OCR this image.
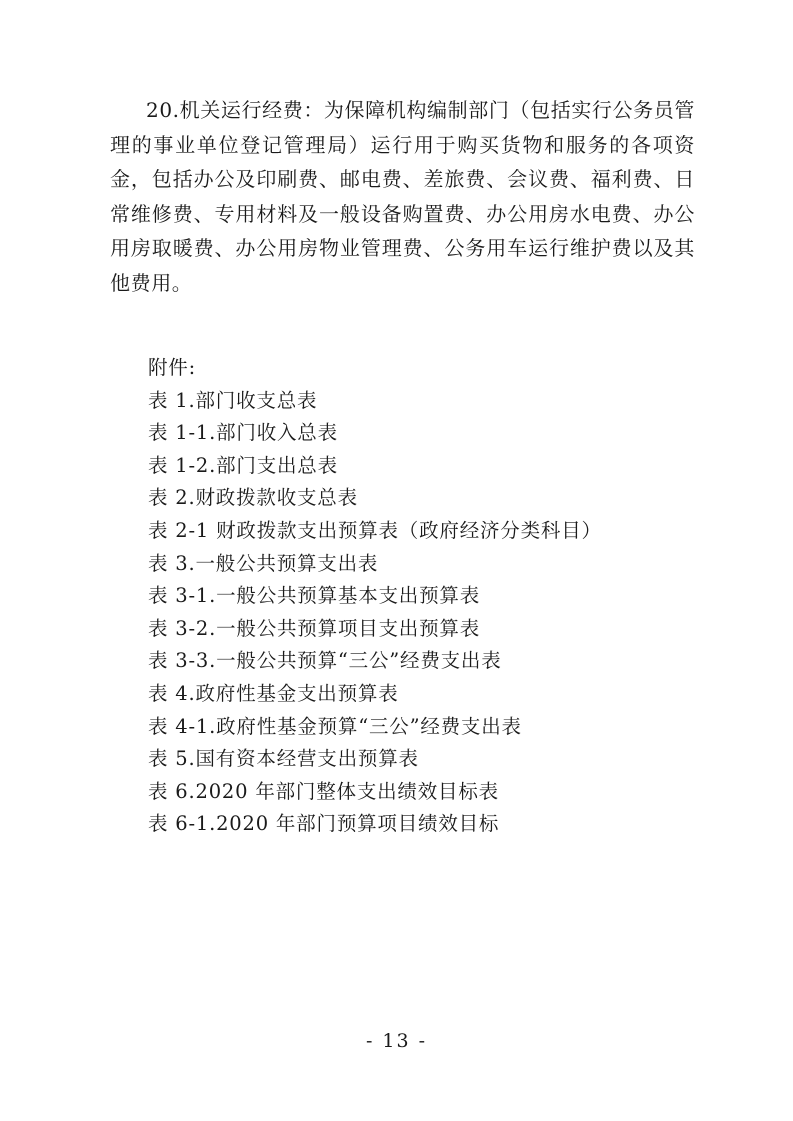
20.机关运行经费：为保障机构编制部门（包括实行公务员管理的事业单位登记管理局）运行用于购买货物和服务的各项资金，包括办公及印刷费、邮电费、差旅费、会议费、福利费、日常维修费、专用材料及一般设备购置费、办公用房水电费、办公用房取暖费、办公用房物业管理费、公务用车运行维护费以及其他费用。

附件:
表 1.部门收支总表
表 1-1.部门收入总表
表 1-2.部门支出总表
表 2.财政拨款收支总表
表 2-1 财政拨款支出预算表（政府经济分类科目）
表 3.一般公共预算支出表
表 3-1.一般公共预算基本支出预算表
表 3-2.一般公共预算项目支出预算表
表 3-3.一般公共预算“三公”经费支出表
表 4.政府性基金支出预算表
表 4-1.政府性基金预算“三公”经费支出表
表 5.国有资本经营支出预算表
表 6.2020 年部门整体支出绩效目标表
表 6-1.2020 年部门预算项目绩效目标
- 13 -
